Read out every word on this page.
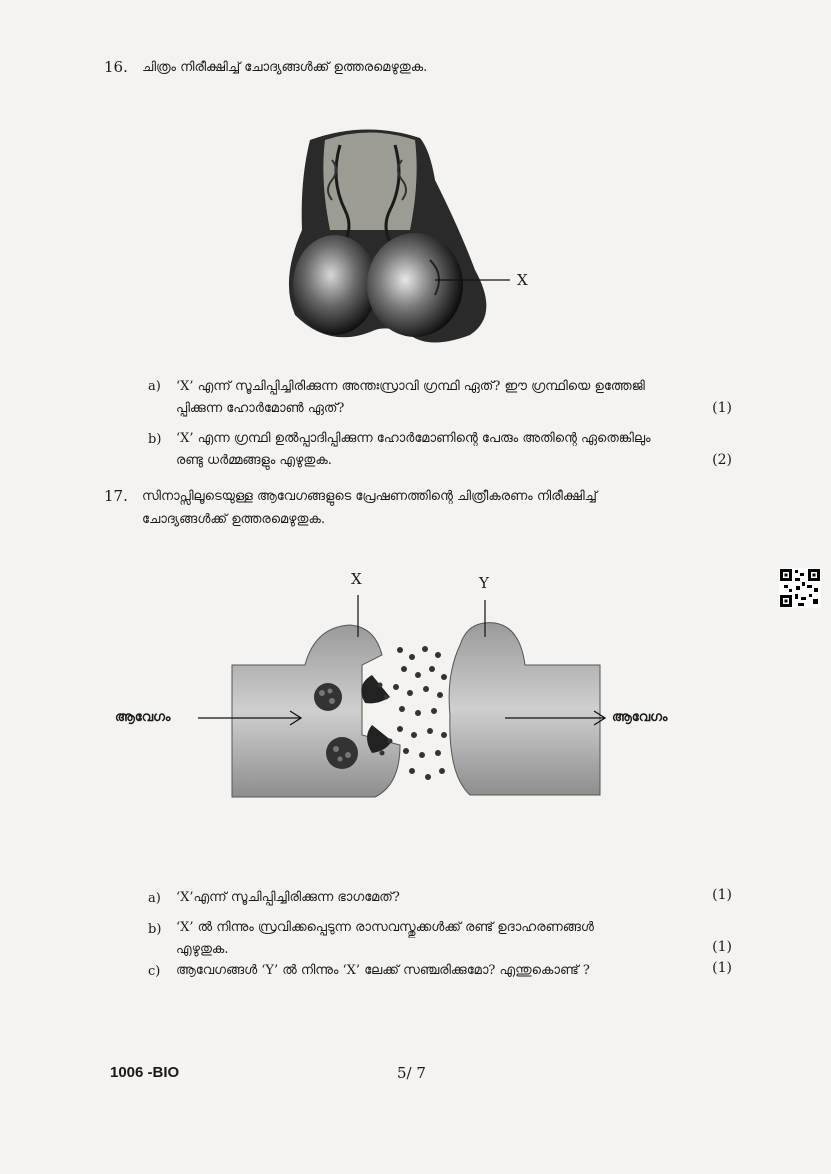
16. ചിത്രം നിരീക്ഷിച്ച് ചോദ്യങ്ങൾക്ക് ഉത്തരമെഴുതുക.
X
a) ‘X’ എന്ന് സൂചിപ്പിച്ചിരിക്കുന്ന അന്തഃസ്രാവി ഗ്രന്ഥി ഏത്? ഈ ഗ്രന്ഥിയെ ഉത്തേജി
പ്പിക്കുന്ന ഹോർമോൺ ഏത്?	(1)
b) ‘X’ എന്ന ഗ്രന്ഥി ഉൽപ്പാദിപ്പിക്കുന്ന ഹോർമോണിന്റെ പേരും അതിന്റെ ഏതെങ്കിലും
രണ്ടു ധർമ്മങ്ങളും എഴുതുക.	(2)
17. സിനാപ്സിലൂടെയുള്ള ആവേഗങ്ങളുടെ പ്രേഷണത്തിന്റെ ചിത്രീകരണം നിരീക്ഷിച്ച്
ചോദ്യങ്ങൾക്ക് ഉത്തരമെഴുതുക.
X	Y
ആവേഗം	ആവേഗം
a) ‘X’എന്ന് സൂചിപ്പിച്ചിരിക്കുന്ന ഭാഗമേത്?	(1)
b) ‘X’ ൽ നിന്നും സ്രവിക്കപ്പെടുന്ന രാസവസ്തുക്കൾക്ക് രണ്ട് ഉദാഹരണങ്ങൾ
എഴുതുക.	(1)
c) ആവേഗങ്ങൾ ‘Y’ ൽ നിന്നും ‘X’ ലേക്ക് സഞ്ചരിക്കുമോ? എന്തുകൊണ്ട് ?	(1)
1006 -BIO	5/ 7
